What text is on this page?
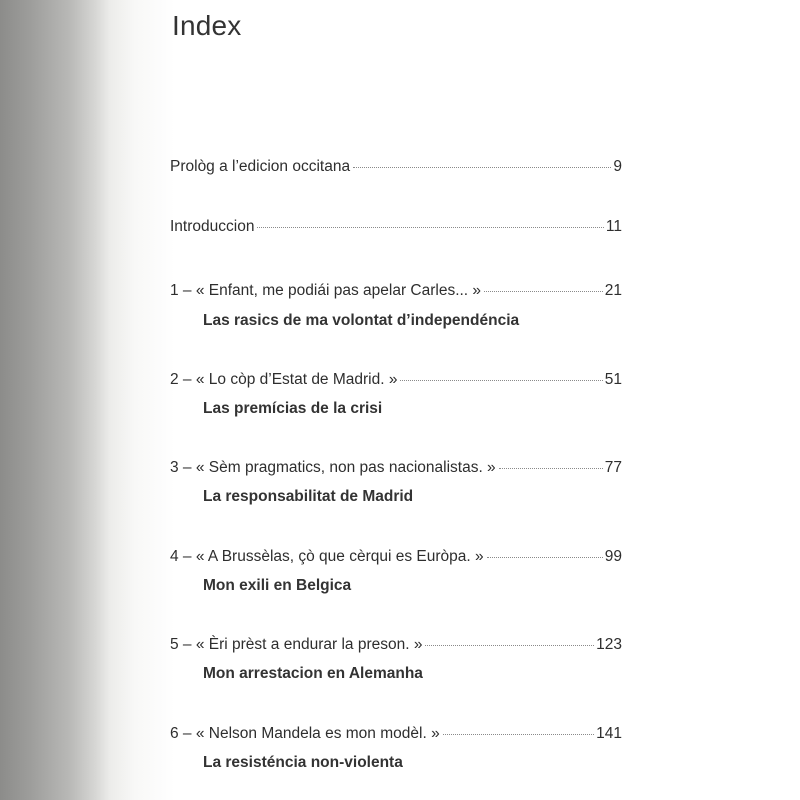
Index
Prològ a l’edicion occitana	9
Introduccion	11
1 – « Enfant, me podiái pas apelar Carles... »	21
Las rasics de ma volontat d’independéncia
2 – « Lo còp d’Estat de Madrid. »	51
Las premícias de la crisi
3 – « Sèm pragmatics, non pas nacionalistas. »	77
La responsabilitat de Madrid
4 – « A Brussèlas, çò que cèrqui es Euròpa. »	99
Mon exili en Belgica
5 – « Èri prèst a endurar la preson. »	123
Mon arrestacion en Alemanha
6 – « Nelson Mandela es mon modèl. »	141
La resisténcia non-violenta
